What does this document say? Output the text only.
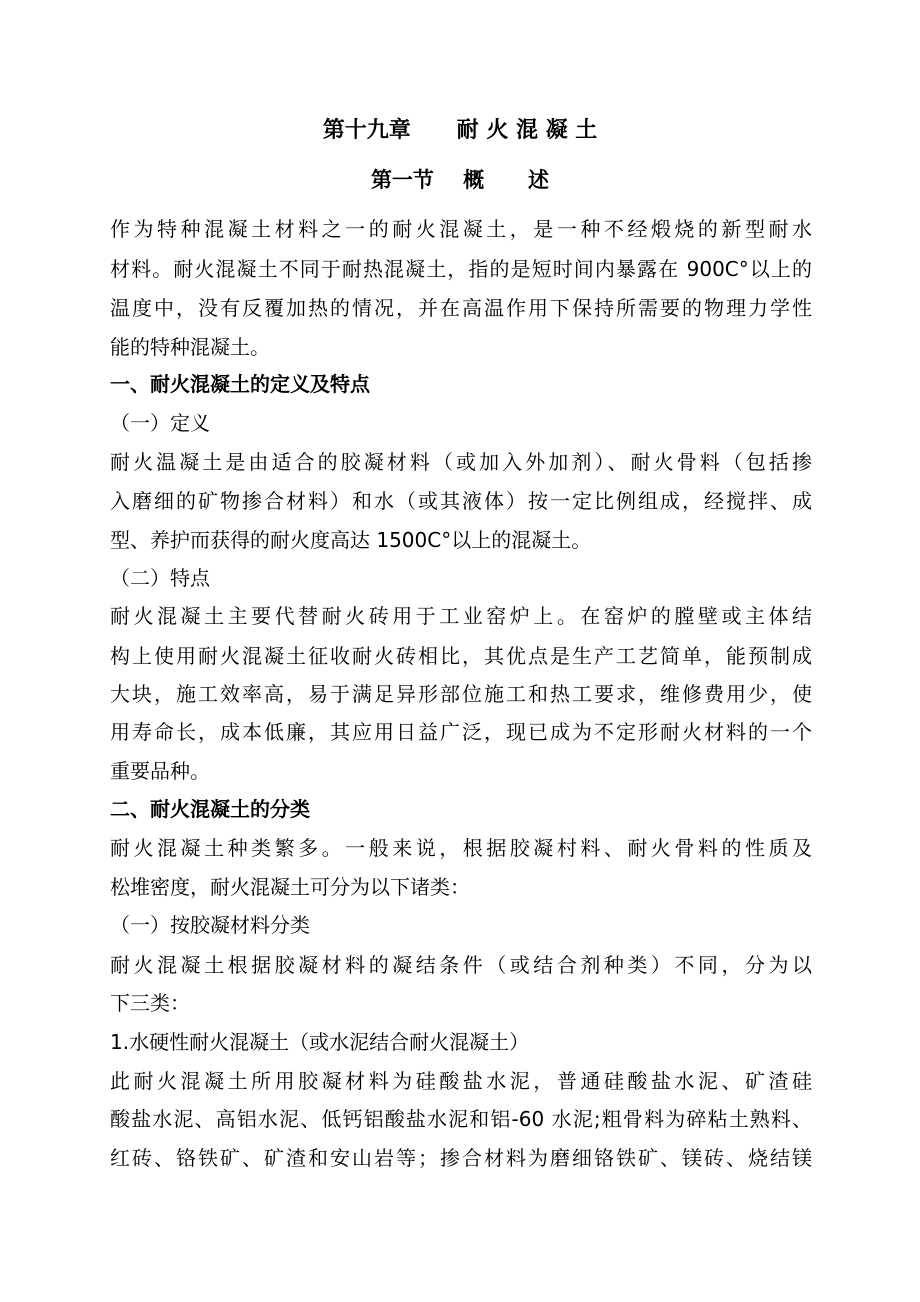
第十九章      耐 火 混 凝 土
第一节    概      述
作为特种混凝土材料之一的耐火混凝土，是一种不经煅烧的新型耐水
材料。耐火混凝土不同于耐热混凝土，指的是短时间内暴露在 900C°以上的
温度中，没有反覆加热的情况，并在高温作用下保持所需要的物理力学性
能的特种混凝土。
一、耐火混凝土的定义及特点
（一）定义
耐火温凝土是由适合的胶凝材料（或加入外加剂）、耐火骨料（包括掺
入磨细的矿物掺合材料）和水（或其液体）按一定比例组成，经搅拌、成
型、养护而获得的耐火度高达 1500C°以上的混凝土。
（二）特点
耐火混凝土主要代替耐火砖用于工业窑炉上。在窑炉的膛壁或主体结
构上使用耐火混凝土征收耐火砖相比，其优点是生产工艺简单，能预制成
大块，施工效率高，易于满足异形部位施工和热工要求，维修费用少，使
用寿命长，成本低廉，其应用日益广泛，现已成为不定形耐火材料的一个
重要品种。
二、耐火混凝土的分类
耐火混凝土种类繁多。一般来说，根据胶凝村料、耐火骨料的性质及
松堆密度，耐火混凝土可分为以下诸类：
（一）按胶凝材料分类
耐火混凝土根据胶凝材料的凝结条件（或结合剂种类）不同，分为以
下三类：
1.水硬性耐火混凝土（或水泥结合耐火混凝土）
此耐火混凝土所用胶凝材料为硅酸盐水泥，普通硅酸盐水泥、矿渣硅
酸盐水泥、高铝水泥、低钙铝酸盐水泥和铝-60 水泥;粗骨料为碎粘土熟料、
红砖、铬铁矿、矿渣和安山岩等；掺合材料为磨细铬铁矿、镁砖、烧结镁
